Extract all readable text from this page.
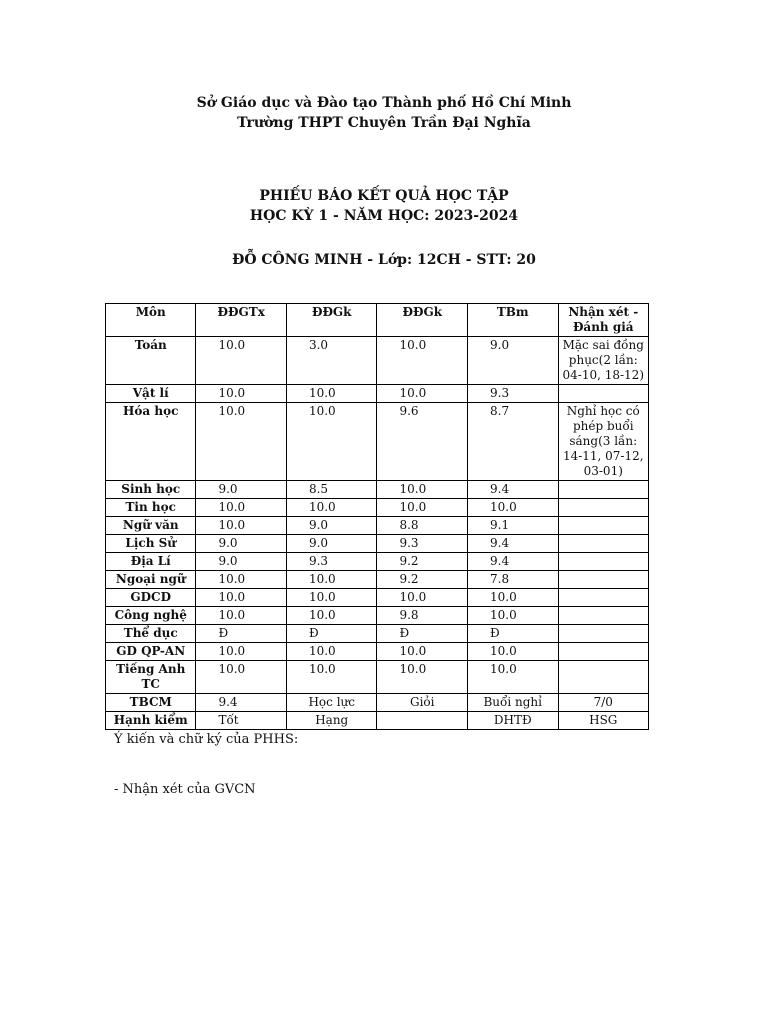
Sở Giáo dục và Đào tạo Thành phố Hồ Chí Minh
Trường THPT Chuyên Trần Đại Nghĩa
PHIẾU BÁO KẾT QUẢ HỌC TẬP
HỌC KỲ 1 - NĂM HỌC: 2023-2024
ĐỖ CÔNG MINH - Lớp: 12CH - STT: 20
Môn	ĐĐGTx	ĐĐGk	ĐĐGk	TBm	Nhận xét - Đánh giá
Toán	10.0	3.0	10.0	9.0	Mặc sai đồng phục(2 lần: 04-10, 18-12)
Vật lí	10.0	10.0	10.0	9.3	
Hóa học	10.0	10.0	9.6	8.7	Nghỉ học có phép buổi sáng(3 lần: 14-11, 07-12, 03-01)
Sinh học	9.0	8.5	10.0	9.4	
Tin học	10.0	10.0	10.0	10.0	
Ngữ văn	10.0	9.0	8.8	9.1	
Lịch Sử	9.0	9.0	9.3	9.4	
Địa Lí	9.0	9.3	9.2	9.4	
Ngoại ngữ	10.0	10.0	9.2	7.8	
GDCD	10.0	10.0	10.0	10.0	
Công nghệ	10.0	10.0	9.8	10.0	
Thể dục	Đ	Đ	Đ	Đ	
GD QP-AN	10.0	10.0	10.0	10.0	
Tiếng Anh TC	10.0	10.0	10.0	10.0	
TBCM	9.4	Học lực	Giỏi	Buổi nghỉ	7/0
Hạnh kiểm	Tốt	Hạng		DHTĐ	HSG
Ý kiến và chữ ký của PHHS:
- Nhận xét của GVCN
